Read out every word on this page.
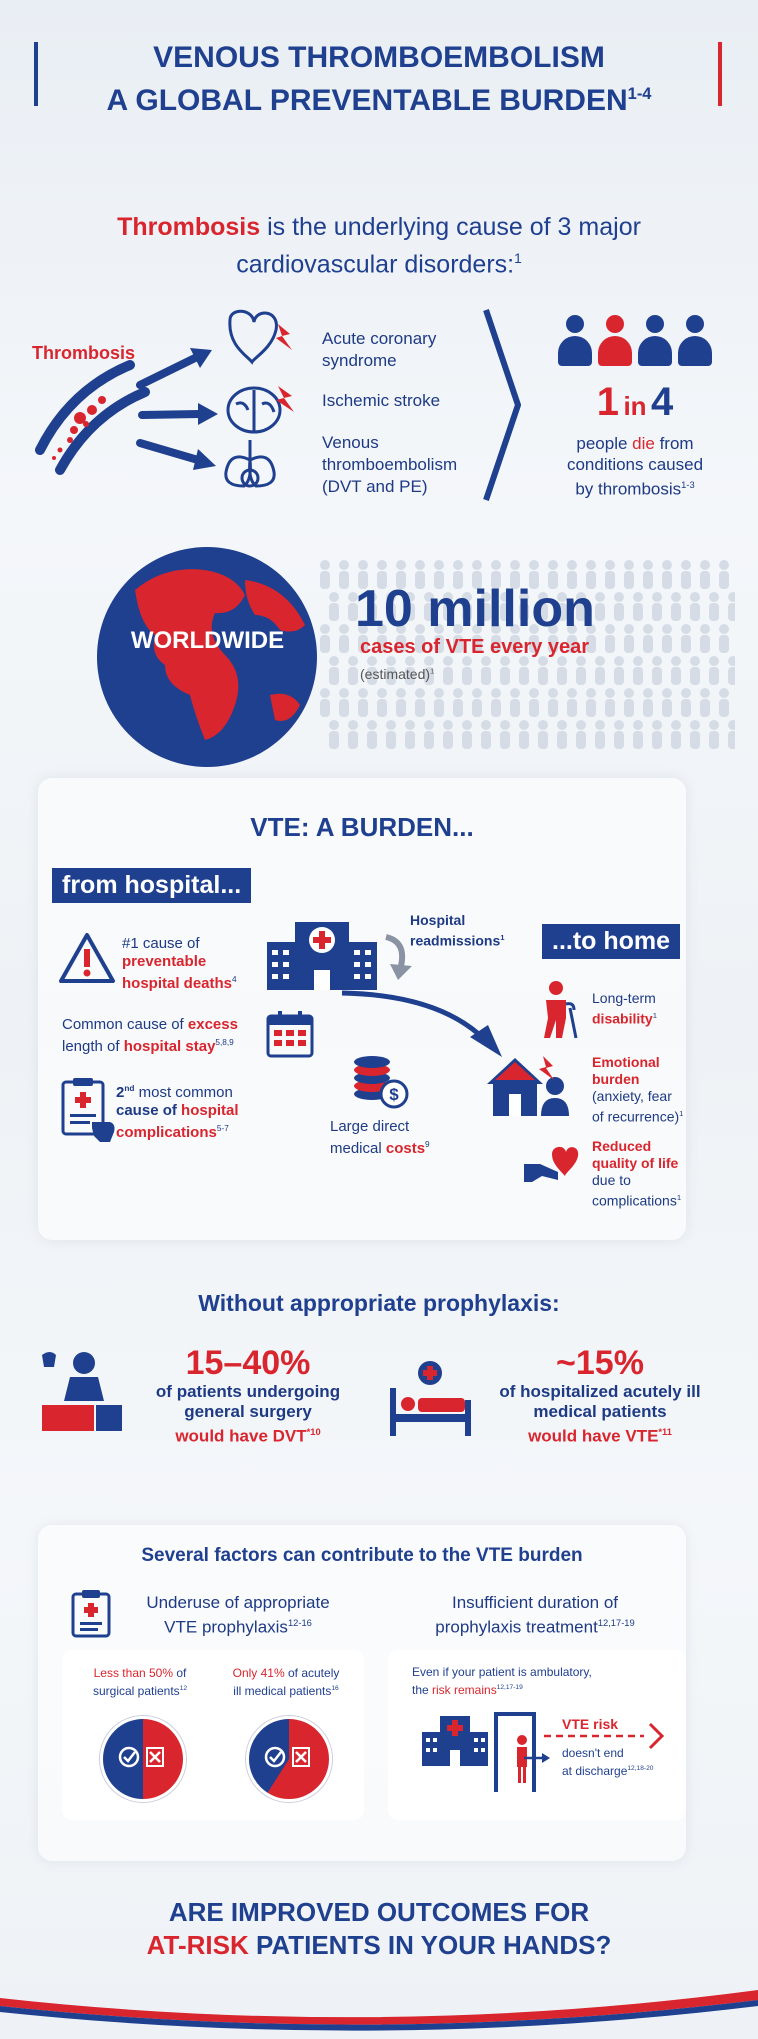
VENOUS THROMBOEMBOLISM
A GLOBAL PREVENTABLE BURDEN$^{1-4}$
Thrombosis is the underlying cause of 3 major
cardiovascular disorders:$^1$
Thrombosis
Acute coronary syndrome
Ischemic stroke
Venous thromboembolism (DVT and PE)
1 in 4
people die from
conditions caused
by thrombosis$^{1-3}$
WORLDWIDE
10 million
cases of VTE every year
(estimated)$^1$
VTE: A BURDEN...
from hospital...
...to home
#1 cause of
preventable
hospital deaths$^4$
Hospital
readmissions$^1$
Common cause of excess
length of hospital stay$^{5,8,9}$
2nd most common
cause of hospital
complications$^{5-7}$
$
Large direct
medical costs$^9$
Long-term
disability$^1$
Emotional
burden
(anxiety, fear
of recurrence)$^1$
Reduced
quality of life
due to
complications$^1$
Without appropriate prophylaxis:
15–40%
of patients undergoing
general surgery
would have DVT$^{*10}$
~15%
of hospitalized acutely ill
medical patients
would have VTE$^{*11}$
Several factors can contribute to the VTE burden
Underuse of appropriate
VTE prophylaxis$^{12-16}$
Insufficient duration of
prophylaxis treatment$^{12,17-19}$
Less than 50% of
surgical patients$^{12}$
Only 41% of acutely
ill medical patients$^{16}$
Even if your patient is ambulatory,
the risk remains$^{12,17-19}$
VTE risk
doesn't end
at discharge$^{12,18-20}$
ARE IMPROVED OUTCOMES FOR
AT-RISK PATIENTS IN YOUR HANDS?
